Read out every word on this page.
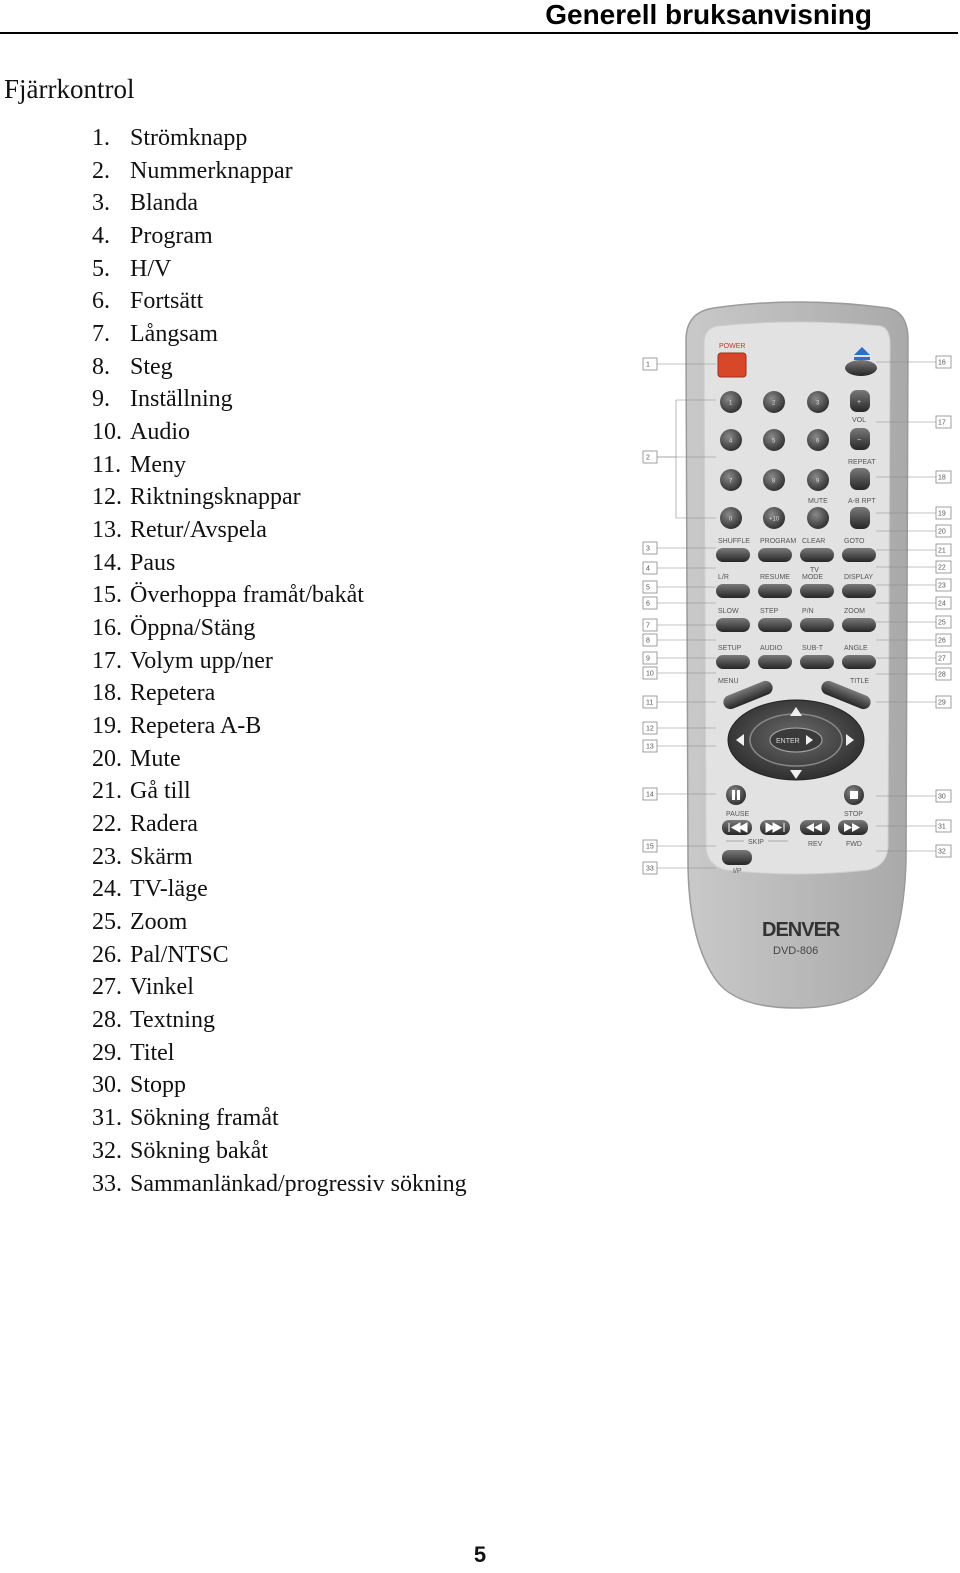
Generell bruksanvisning
Fjärrkontrol
1. Strömknapp
2. Nummerknappar
3. Blanda
4. Program
5. H/V
6. Fortsätt
7. Långsam
8. Steg
9. Inställning
10. Audio
11. Meny
12. Riktningsknappar
13. Retur/Avspela
14. Paus
15. Överhoppa framåt/bakåt
16. Öppna/Stäng
17. Volym upp/ner
18. Repetera
19. Repetera A-B
20. Mute
21. Gå till
22. Radera
23. Skärm
24. TV-läge
25. Zoom
26. Pal/NTSC
27. Vinkel
28. Textning
29. Titel
30. Stopp
31. Sökning framåt
32. Sökning bakåt
33. Sammanlänkad/progressiv sökning
POWER
1	2	3
4	5	6
7	8	9
0	+10
+
VOL
−
REPEAT
MUTE	A-B RPT
SHUFFLE PROGRAM CLEAR	GOTO
L/R	RESUME MODE	DISPLAY
SLOW	STEP	P/N	ZOOM
SETUP	AUDIO	SUB-T	ANGLE
TV
MENU	TITLE
ENTER
PAUSE	STOP
SKIP	REV	FWD
I/P
DENVER
DVD-806
1
2
3
4
5
6
7
8
9
10
11
12
13
14
15
33
16
17
18
19
20
21
22
23
24
25
26
27
28
29
30
31
32
5
